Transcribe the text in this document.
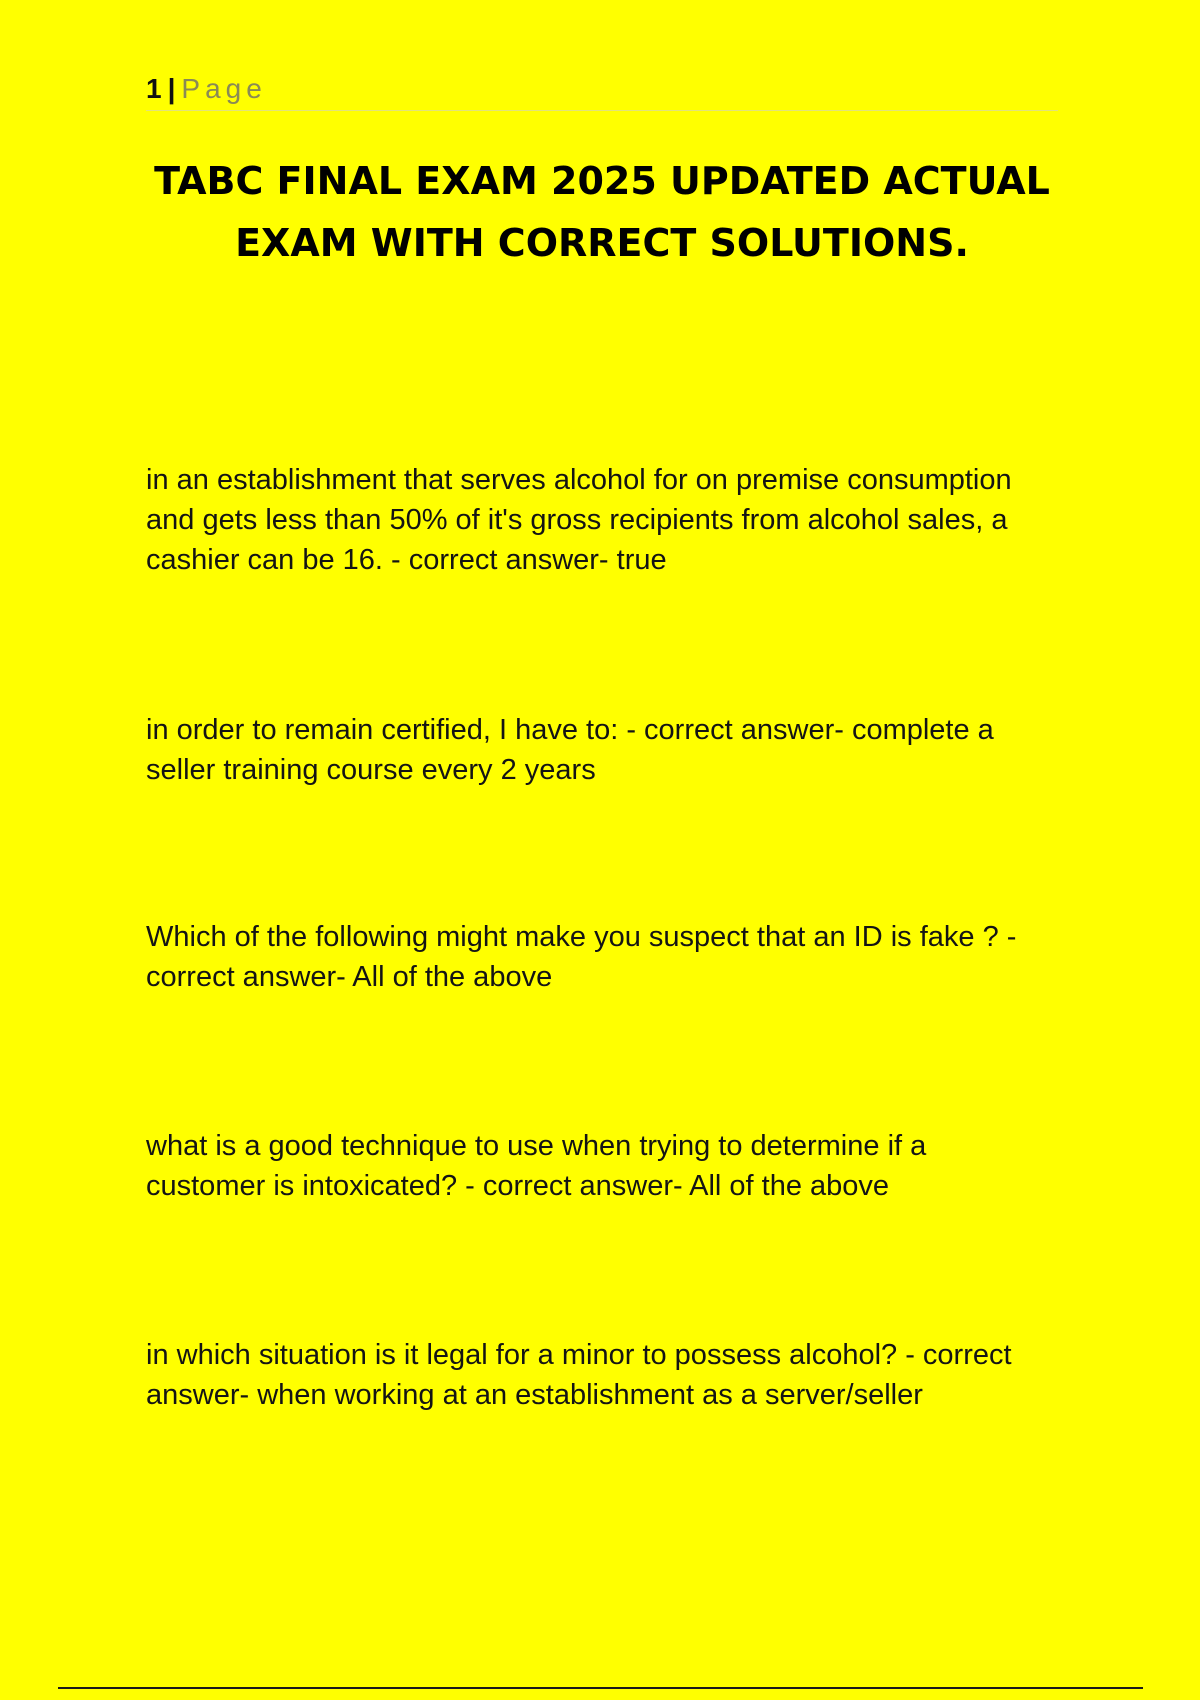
1 | Page
TABC FINAL EXAM 2025 UPDATED ACTUAL EXAM WITH CORRECT SOLUTIONS.

in an establishment that serves alcohol for on premise consumption and gets less than 50% of it's gross recipients from alcohol sales, a cashier can be 16. - correct answer- true

in order to remain certified, I have to: - correct answer- complete a seller training course every 2 years

Which of the following might make you suspect that an ID is fake ? - correct answer- All of the above

what is a good technique to use when trying to determine if a customer is intoxicated? - correct answer- All of the above

in which situation is it legal for a minor to possess alcohol? - correct answer- when working at an establishment as a server/seller
